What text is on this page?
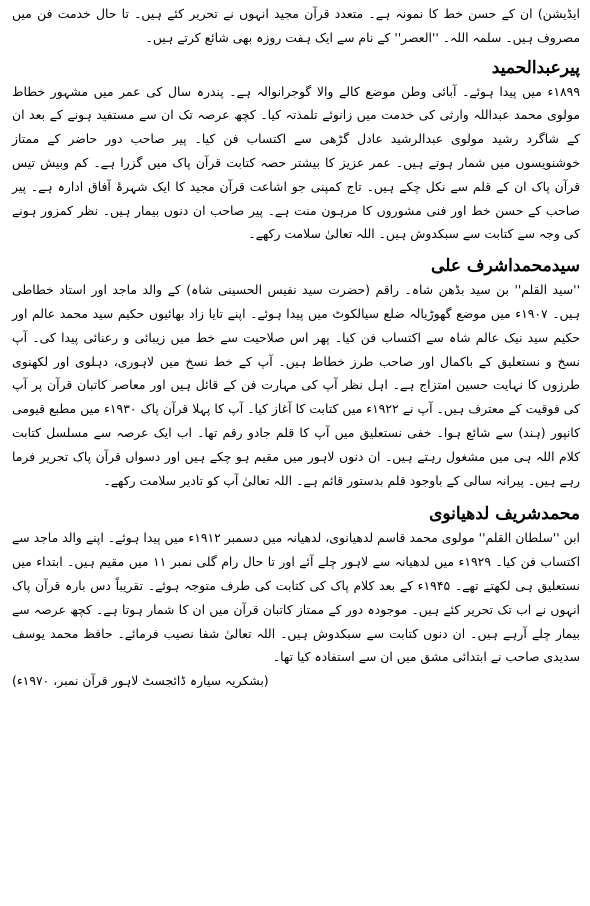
ایڈیشن) ان کے حسن خط کا نمونہ ہے۔ متعدد قرآن مجید انہوں نے تحریر کئے ہیں۔ تا حال خدمت فن میں مصروف ہیں۔ سلمہ اللہ۔ ''العصر'' کے نام سے ایک ہفت روزہ بھی شائع کرتے ہیں۔

پیرعبدالحمید

۱۸۹۹ء میں پیدا ہوئے۔ آبائی وطن موضع کالے والا گوجرانوالہ ہے۔ پندرہ سال کی عمر میں مشہور خطاط مولوی محمد عبداللہ وارثی کی خدمت میں زانوئے تلمذتہ کیا۔ کچھ عرصہ تک ان سے مستفید ہونے کے بعد ان کے شاگرد رشید مولوی عبدالرشید عادل گڑھی سے اکتساب فن کیا۔ پیر صاحب دور حاضر کے ممتاز خوشنویسوں میں شمار ہوتے ہیں۔ عمر عزیز کا بیشتر حصہ کتابت قرآن پاک میں گزرا ہے۔ کم وبیش تیس قرآن پاک ان کے قلم سے نکل چکے ہیں۔ تاج کمپنی جو اشاعت قرآن مجید کا ایک شہرۂ آفاق ادارہ ہے۔ پیر صاحب کے حسن خط اور فنی مشوروں کا مرہون منت ہے۔ پیر صاحب ان دنوں بیمار ہیں۔ نظر کمزور ہونے کی وجہ سے کتابت سے سبکدوش ہیں۔ اللہ تعالیٰ سلامت رکھے۔

سیدمحمداشرف علی

''سید القلم'' بن سید بڈھن شاہ۔ راقم (حضرت سید نفیس الحسینی شاہ) کے والد ماجد اور استاد خطاطی ہیں۔ ۱۹۰۷ء میں موضع گھوڑیالہ ضلع سیالکوٹ میں پیدا ہوئے۔ اپنے تایا زاد بھائیوں حکیم سید محمد عالم اور حکیم سید نیک عالم شاہ سے اکتساب فن کیا۔ پھر اس صلاحیت سے خط میں زیبائی و رعنائی پیدا کی۔ آپ نسخ و نستعلیق کے باکمال اور صاحب طرز خطاط ہیں۔ آپ کے خط نسخ میں لاہوری، دہلوی اور لکھنوی طرزوں کا نہایت حسین امتزاج ہے۔ اہل نظر آپ کی مہارت فن کے قائل ہیں اور معاصر کاتبان قرآن پر آپ کی فوقیت کے معترف ہیں۔ آپ نے ۱۹۲۲ء میں کتابت کا آغاز کیا۔ آپ کا پہلا قرآن پاک ۱۹۳۰ء میں مطبع قیومی کانپور (ہند) سے شائع ہوا۔ خفی نستعلیق میں آپ کا قلم جادو رقم تھا۔ اب ایک عرصہ سے مسلسل کتابت کلام اللہ ہی میں مشغول رہتے ہیں۔ ان دنوں لاہور میں مقیم ہو چکے ہیں اور دسواں قرآن پاک تحریر فرما رہے ہیں۔ پیرانہ سالی کے باوجود قلم بدستور قائم ہے۔ اللہ تعالیٰ آپ کو تادیر سلامت رکھے۔

محمدشریف لدھیانوی

ابن ''سلطان القلم'' مولوی محمد قاسم لدھیانوی، لدھیانہ میں دسمبر ۱۹۱۲ء میں پیدا ہوئے۔ اپنے والد ماجد سے اکتساب فن کیا۔ ۱۹۲۹ء میں لدھیانہ سے لاہور چلے آئے اور تا حال رام گلی نمبر ۱۱ میں مقیم ہیں۔ ابتداء میں نستعلیق ہی لکھتے تھے۔ ۱۹۴۵ء کے بعد کلام پاک کی کتابت کی طرف متوجہ ہوئے۔ تقریباً دس بارہ قرآن پاک انہوں نے اب تک تحریر کئے ہیں۔ موجودہ دور کے ممتاز کاتبان قرآن میں ان کا شمار ہوتا ہے۔ کچھ عرصہ سے بیمار چلے آرہے ہیں۔ ان دنوں کتابت سے سبکدوش ہیں۔ اللہ تعالیٰ شفا نصیب فرمائے۔ حافظ محمد یوسف سدیدی صاحب نے ابتدائی مشق میں ان سے استفادہ کیا تھا۔

(بشکریہ سیارہ ڈائجسٹ لاہور قرآن نمبر، ۱۹۷۰ء)
